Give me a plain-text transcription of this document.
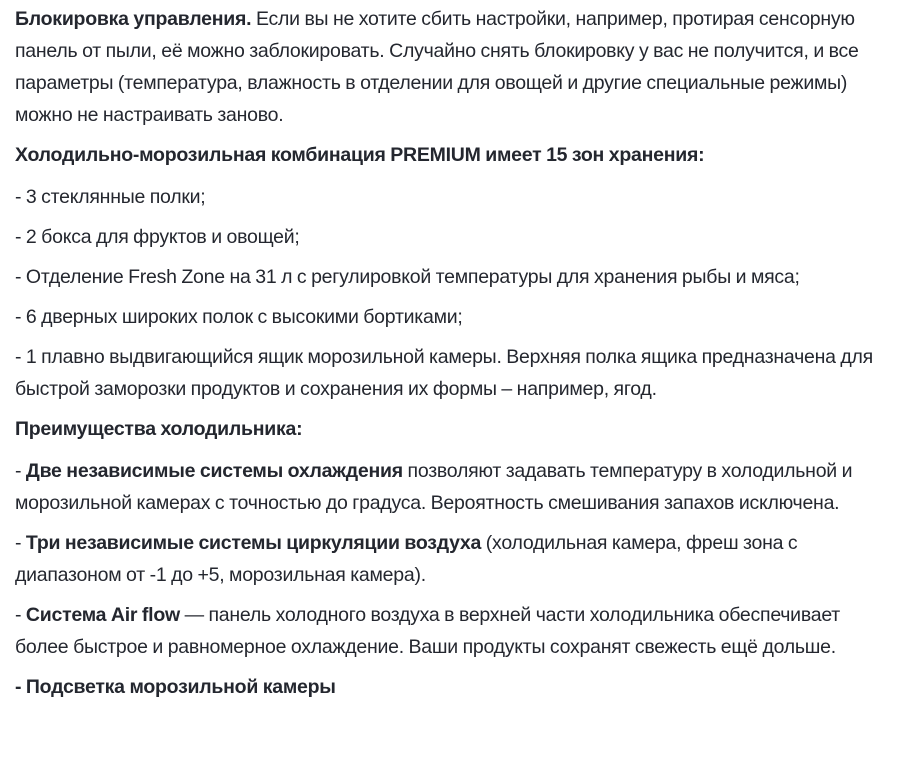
Блокировка управления. Если вы не хотите сбить настройки, например, протирая сенсорную панель от пыли, её можно заблокировать. Случайно снять блокировку у вас не получится, и все параметры (температура, влажность в отделении для овощей и другие специальные режимы) можно не настраивать заново.

Холодильно-морозильная комбинация PREMIUM имеет 15 зон хранения:

- 3 стеклянные полки;

- 2 бокса для фруктов и овощей;

- Отделение Fresh Zone на 31 л с регулировкой температуры для хранения рыбы и мяса;

- 6 дверных широких полок с высокими бортиками;

- 1 плавно выдвигающийся ящик морозильной камеры. Верхняя полка ящика предназначена для быстрой заморозки продуктов и сохранения их формы – например, ягод.

Преимущества холодильника:

- Две независимые системы охлаждения позволяют задавать температуру в холодильной и морозильной камерах с точностью до градуса. Вероятность смешивания запахов исключена.

- Три независимые системы циркуляции воздуха (холодильная камера, фреш зона с диапазоном от -1 до +5, морозильная камера).

- Система Air flow — панель холодного воздуха в верхней части холодильника обеспечивает более быстрое и равномерное охлаждение. Ваши продукты сохранят свежесть ещё дольше.

- Подсветка морозильной камеры
